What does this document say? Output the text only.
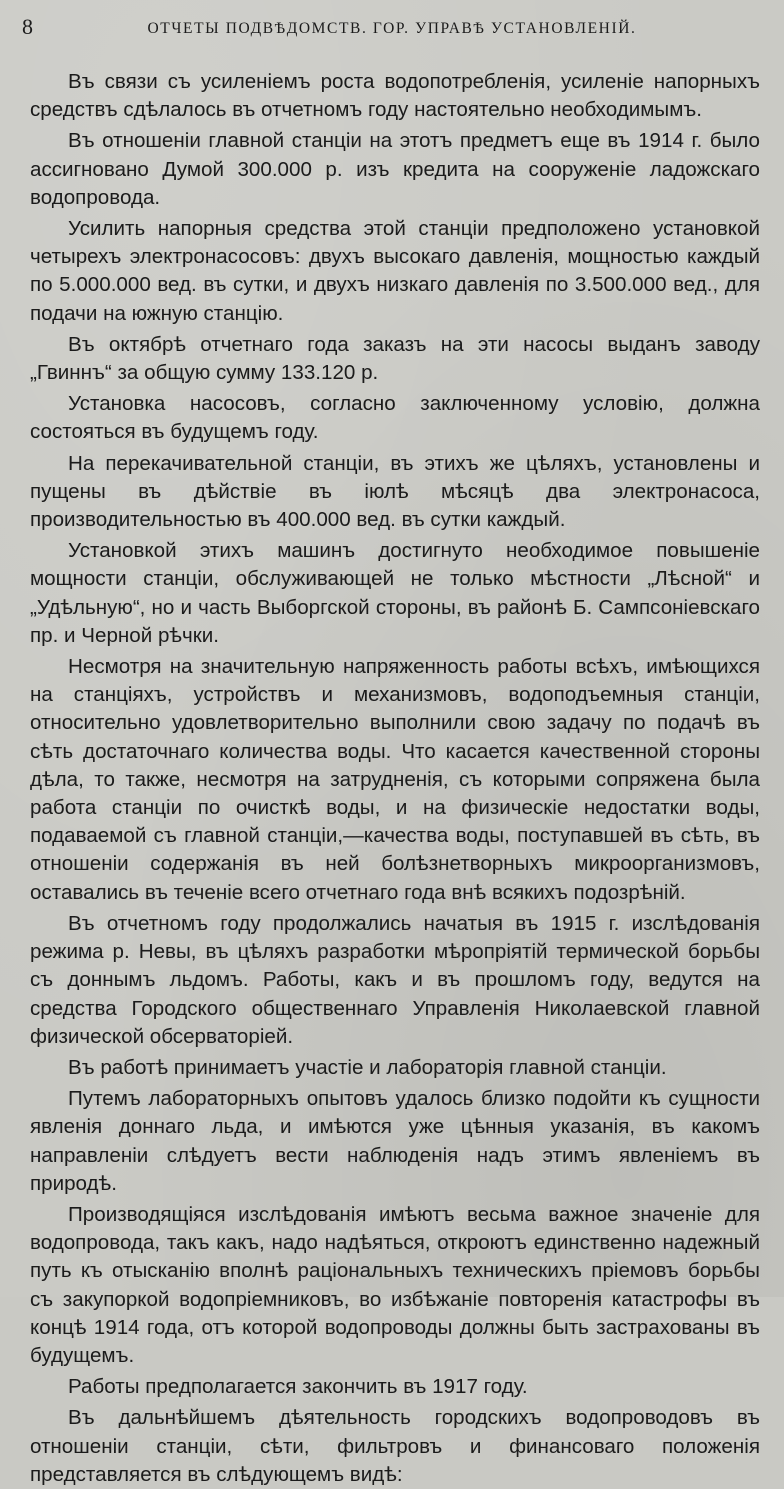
8	ОТЧЕТЫ ПОДВѢДОМСТВ. ГОР. УПРАВѢ УСТАНОВЛЕНIЙ.

Въ связи съ усиленіемъ роста водопотребленія, усиленіе напорныхъ средствъ сдѣлалось въ отчетномъ году настоятельно необходимымъ.

Въ отношеніи главной станціи на этотъ предметъ еще въ 1914 г. было ассигновано Думой 300.000 р. изъ кредита на сооруженіе ладожскаго водопровода.

Усилить напорныя средства этой станціи предположено установкой четырехъ электронасосовъ: двухъ высокаго давленія, мощностью каждый по 5.000.000 вед. въ сутки, и двухъ низкаго давленія по 3.500.000 вед., для подачи на южную станцію.

Въ октябрѣ отчетнаго года заказъ на эти насосы выданъ заводу „Гвиннъ“ за общую сумму 133.120 р.

Установка насосовъ, согласно заключенному условію, должна состояться въ будущемъ году.

На перекачивательной станціи, въ этихъ же цѣляхъ, установлены и пущены въ дѣйствіе въ іюлѣ мѣсяцѣ два электронасоса, производительностью въ 400.000 вед. въ сутки каждый.

Установкой этихъ машинъ достигнуто необходимое повышеніе мощности станціи, обслуживающей не только мѣстности „Лѣсной“ и „Удѣльную“, но и часть Выборгской стороны, въ районѣ Б. Сампсоніевскаго пр. и Черной рѣчки.

Несмотря на значительную напряженность работы всѣхъ, имѣющихся на станціяхъ, устройствъ и механизмовъ, водоподъемныя станціи, относительно удовлетворительно выполнили свою задачу по подачѣ въ сѣть достаточнаго количества воды. Что касается качественной стороны дѣла, то также, несмотря на затрудненія, съ которыми сопряжена была работа станціи по очисткѣ воды, и на физическіе недостатки воды, подаваемой съ главной станціи,—качества воды, поступавшей въ сѣть, въ отношеніи содержанія въ ней болѣзнетворныхъ микроорганизмовъ, оставались въ теченіе всего отчетнаго года внѣ всякихъ подозрѣній.

Въ отчетномъ году продолжались начатыя въ 1915 г. изслѣдованія режима р. Невы, въ цѣляхъ разработки мѣропріятій термической борьбы съ доннымъ льдомъ. Работы, какъ и въ прошломъ году, ведутся на средства Городского общественнаго Управленія Николаевской главной физической обсерваторіей.

Въ работѣ принимаетъ участіе и лабораторія главной станціи.

Путемъ лабораторныхъ опытовъ удалось близко подойти къ сущности явленія доннаго льда, и имѣются уже цѣнныя указанія, въ какомъ направленіи слѣдуетъ вести наблюденія надъ этимъ явленіемъ въ природѣ.

Производящіяся изслѣдованія имѣютъ весьма важное значеніе для водопровода, такъ какъ, надо надѣяться, откроютъ единственно надежный путь къ отысканію вполнѣ раціональныхъ техническихъ пріемовъ борьбы съ закупоркой водопріемниковъ, во избѣжаніе повторенія катастрофы въ концѣ 1914 года, отъ которой водопроводы должны быть застрахованы въ будущемъ.

Работы предполагается закончить въ 1917 году.

Въ дальнѣйшемъ дѣятельность городскихъ водопроводовъ въ отношеніи станціи, сѣти, фильтровъ и финансоваго положенія представляется въ слѣдующемъ видѣ:
